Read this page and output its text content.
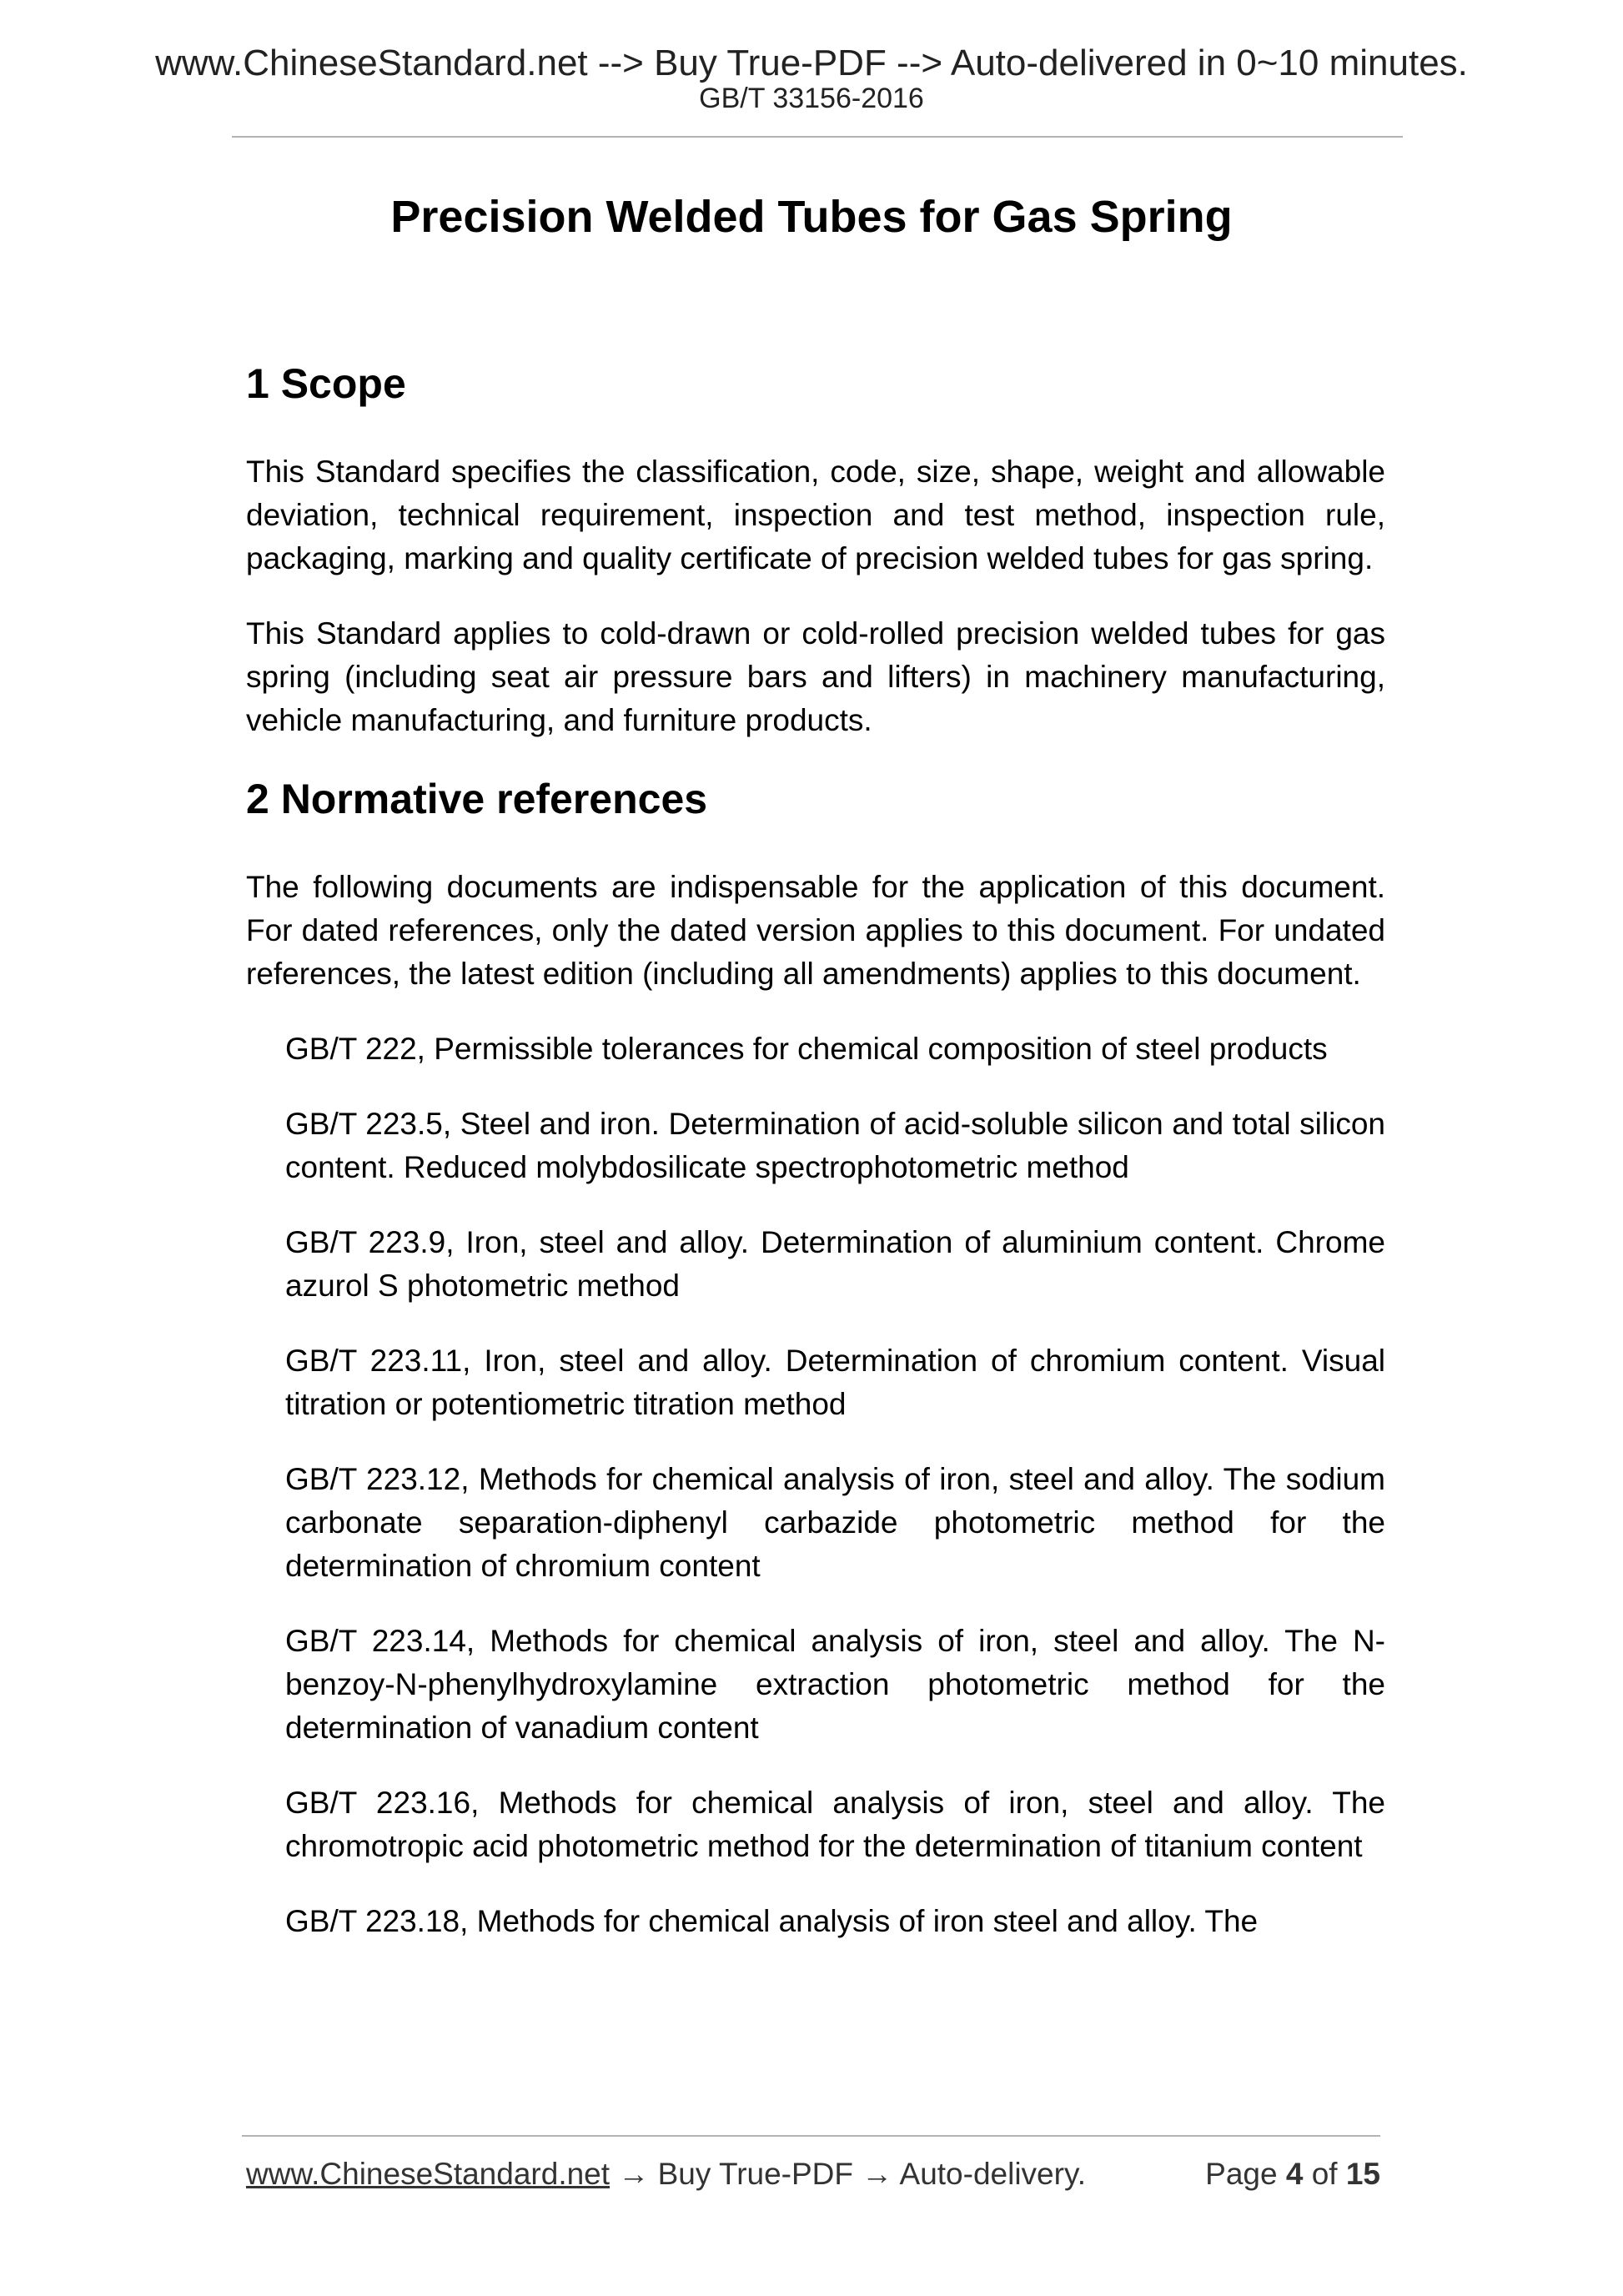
www.ChineseStandard.net --> Buy True-PDF --> Auto-delivered in 0~10 minutes.

GB/T 33156-2016

Precision Welded Tubes for Gas Spring
1 Scope

This Standard specifies the classification, code, size, shape, weight and allowable deviation, technical requirement, inspection and test method, inspection rule, packaging, marking and quality certificate of precision welded tubes for gas spring.

This Standard applies to cold-drawn or cold-rolled precision welded tubes for gas spring (including seat air pressure bars and lifters) in machinery manufacturing, vehicle manufacturing, and furniture products.

2 Normative references

The following documents are indispensable for the application of this document. For dated references, only the dated version applies to this document. For undated references, the latest edition (including all amendments) applies to this document.

GB/T 222, Permissible tolerances for chemical composition of steel products

GB/T 223.5, Steel and iron. Determination of acid-soluble silicon and total silicon content. Reduced molybdosilicate spectrophotometric method

GB/T 223.9, Iron, steel and alloy. Determination of aluminium content. Chrome azurol S photometric method

GB/T 223.11, Iron, steel and alloy. Determination of chromium content. Visual titration or potentiometric titration method

GB/T 223.12, Methods for chemical analysis of iron, steel and alloy. The sodium carbonate separation-diphenyl carbazide photometric method for the determination of chromium content

GB/T 223.14, Methods for chemical analysis of iron, steel and alloy. The N-benzoy-N-phenylhydroxylamine extraction photometric method for the determination of vanadium content

GB/T 223.16, Methods for chemical analysis of iron, steel and alloy. The chromotropic acid photometric method for the determination of titanium content

GB/T 223.18, Methods for chemical analysis of iron steel and alloy. The

www.ChineseStandard.net → Buy True-PDF → Auto-delivery.	Page 4 of 15
